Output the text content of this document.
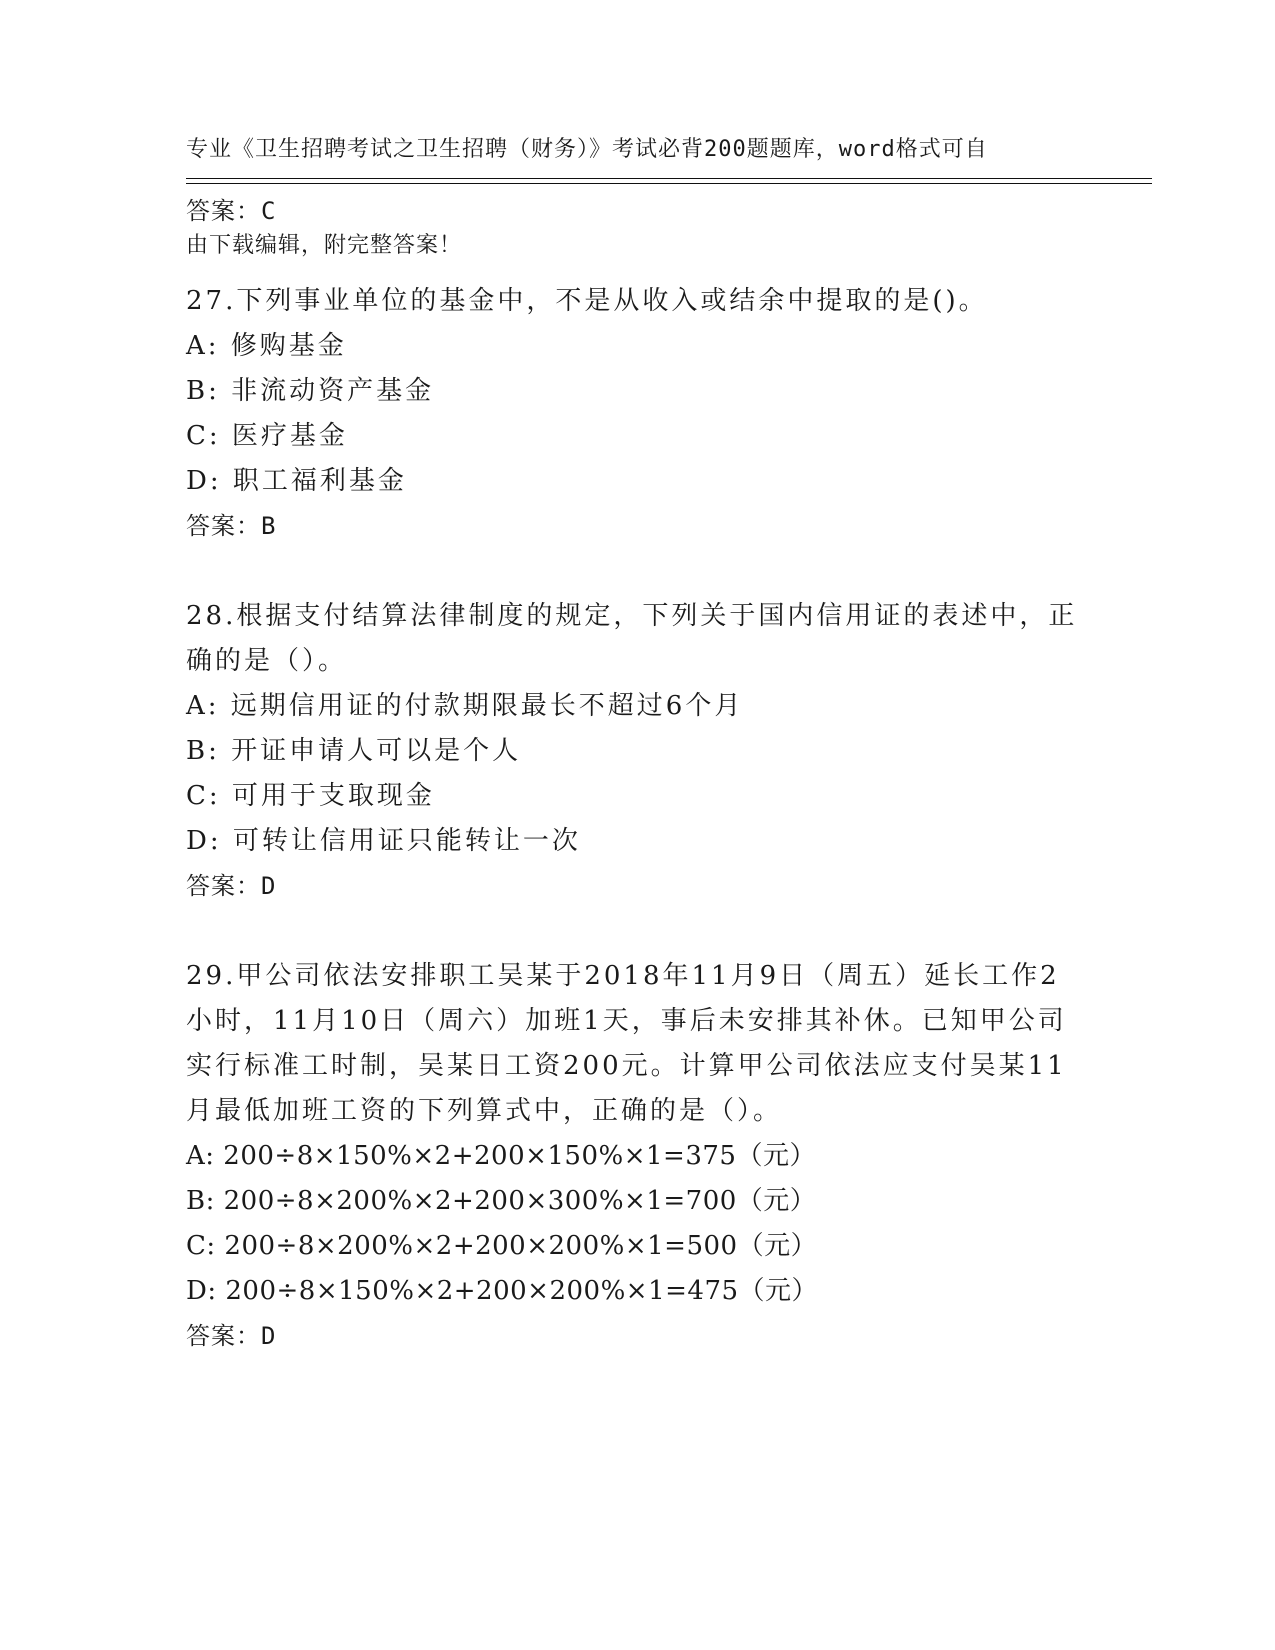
专业《卫生招聘考试之卫生招聘（财务）》考试必背200题题库，word格式可自

由下载编辑，附完整答案！

答案：C
27.下列事业单位的基金中，不是从收入或结余中提取的是()。
A: 修购基金
B: 非流动资产基金
C: 医疗基金
D: 职工福利基金
答案：B
28.根据支付结算法律制度的规定，下列关于国内信用证的表述中，正
确的是（）。
A: 远期信用证的付款期限最长不超过6个月
B: 开证申请人可以是个人
C: 可用于支取现金
D: 可转让信用证只能转让一次
答案：D
29.甲公司依法安排职工吴某于2018年11月9日（周五）延长工作2
小时，11月10日（周六）加班1天，事后未安排其补休。已知甲公司
实行标准工时制，吴某日工资200元。计算甲公司依法应支付吴某11
月最低加班工资的下列算式中，正确的是（）。
A: 200÷8×150%×2+200×150%×1=375（元）
B: 200÷8×200%×2+200×300%×1=700（元）
C: 200÷8×200%×2+200×200%×1=500（元）
D: 200÷8×150%×2+200×200%×1=475（元）
答案：D
